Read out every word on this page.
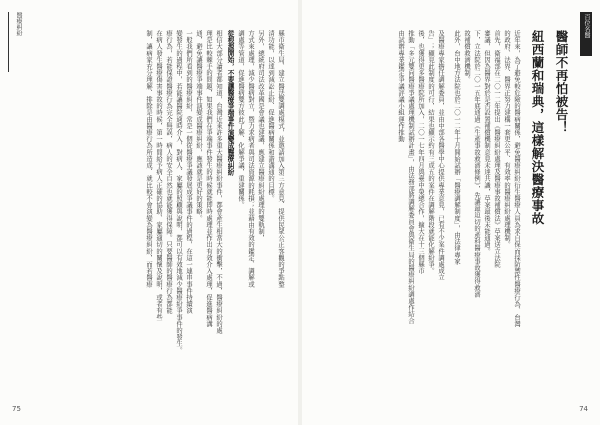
醫療糾紛
縣市衛生局、建立醫法雙調處模式，並邀請加入第三方意見、提供民眾公正客觀的爭點整
清功能，以達到減訟止紛、促進醫病關係和諧溝通的目標。
另外，總統府司法改革國是會議也建議，應建立醫療糾紛處理的雙軌制，
方式來處理，減少醫病對立，暨力求病者與司法資源的耗損；並藉由有效的鑑定、調解或
調處等管道，促進醫病雙方彼此了解、化解爭議，重建關係。
從根源開始，不要讓醫療爭端事件演變成醫療糾紛
相信大部分讀者都知道，台灣近來許多重大醫療糾紛事件，都會產生相當大的衝擊，不過，醫療糾紛的處
理是比較棘手的問題，如果我們在爭端事件發生的時候就能即時處理並作出有效介入處理，促進醫病溝
通，避免讓醫療爭端事件演變成醫療糾紛，應該就是更好的策略。
一般我們所看到的醫療糾紛，常是一個從醫療爭議發展成爭議事件的過程，在這一連串事件持續演
變發生的過程中，若能讓醫院適時介入，對病人、家屬的照顧與說明，都可以有效地減少醫療紛爭事件的發生。
療行為，若能保證醫療行為完全無誤，病人的安全自然也就能獲得保障。只要醫師的醫療行為都能
在病人發生醫療傷害事故的時候，第一時間給予病人正確的協助、家屬適切的關懷及說明，或者有些
制，讓病家充分理解、排除是由醫療行為所造成、就比較不會演變為醫療糾紛，而若醫療
75
百位名醫
醫師不再怕被告！
紐西蘭和瑞典，這樣解決醫療事故
近年來，為了避免較危險的醫病關係，避免醫療糾紛衍生醫療人員為求自保而採防禦性醫療行為、台灣
的政府、法界、醫界正努力建構一套更公平、有效率的醫療糾紛處理機制。
首先，衛福部在二〇一二年提出《醫療糾紛處理及醫療事故補償法》草案送立法院
審議，但因為醫界對於是否設置補償機制意見未達共識，草案最後未能通過。
下，立法院於二〇一五年底通過《生產事故救濟條例》，先讓最迫切的產科醫療事故獲得救濟
故補償救濟機制。
此外，台中地方法院也於二〇一二年十月開始試辦「醫療調解制度」，由法律專家
及醫療專家擔任調解委員，並由中部各醫學中心提供專業意見，已有不少案件調處成立
告」；顯見此制度的可行，結果也顯示約有三成五的案件在調解階段就能化解紛爭。
後，也獲得更多醫療院所加入，二〇一七年四月與臺中榮總合作，擴大在十三個縣市
推動「多元雙向醫療爭議處理機制試辦計畫」，由法務部將調解委員會與衛生局的醫療糾紛調處作結合
由試辦專業鑑定爭議評議小組運作推動
74
